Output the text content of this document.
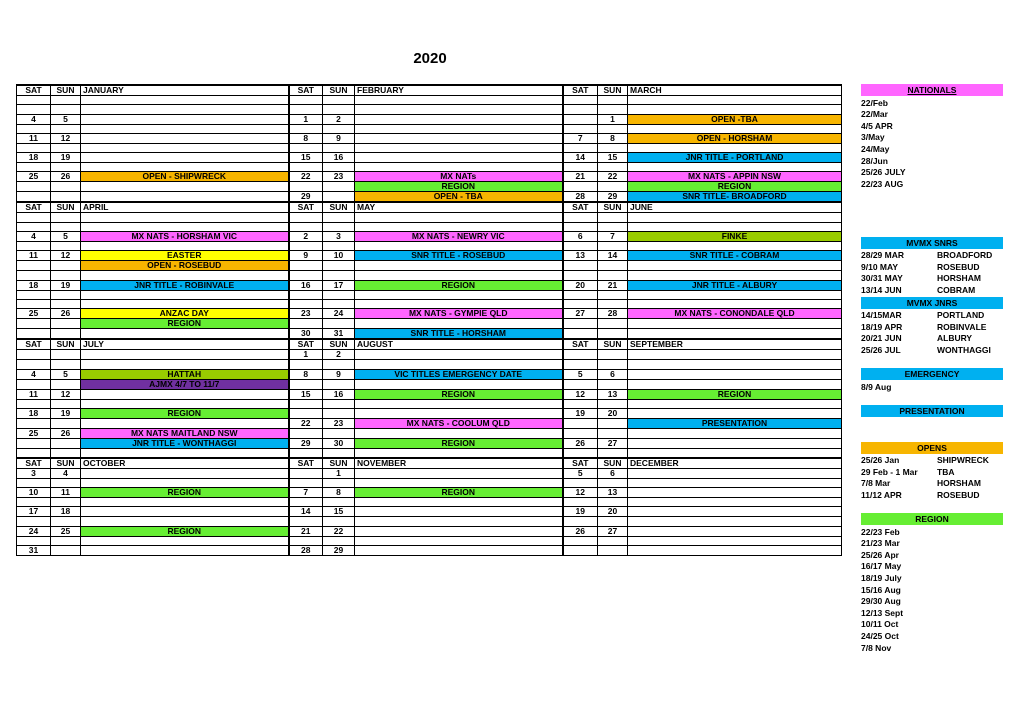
2020
SAT	SUN	JANUARY	SAT	SUN	FEBRUARY	SAT	SUN	MARCH

4	5		1	2			1	OPEN -TBA

11	12		8	9		7	8	OPEN - HORSHAM

18	19		15	16		14	15	JNR TITLE - PORTLAND

25	26	OPEN - SHIPWRECK	22	23	MX NATs	21	22	MX NATS - APPIN NSW
					REGION			REGION
			29		OPEN - TBA	28	29	SNR TITLE- BROADFORD
SAT	SUN	APRIL	SAT	SUN	MAY	SAT	SUN	JUNE

4	5	MX NATS - HORSHAM VIC	2	3	MX NATS - NEWRY VIC	6	7	FINKE

11	12	EASTER	9	10	SNR TITLE - ROSEBUD	13	14	SNR TITLE - COBRAM
		OPEN - ROSEBUD						

18	19	JNR TITLE - ROBINVALE	16	17	REGION	20	21	JNR TITLE - ALBURY

25	26	ANZAC DAY	23	24	MX NATS - GYMPIE QLD	27	28	MX NATS - CONONDALE QLD
		REGION						
			30	31	SNR TITLE - HORSHAM			
SAT	SUN	JULY	SAT	SUN	AUGUST	SAT	SUN	SEPTEMBER
			1	2				

4	5	HATTAH	8	9	VIC TITLES EMERGENCY DATE	5	6	
		AJMX 4/7 TO 11/7						
11	12		15	16	REGION	12	13	REGION

18	19	REGION				19	20	
			22	23	MX NATS - COOLUM QLD			PRESENTATION
25	26	MX NATS MAITLAND NSW						
		JNR TITLE - WONTHAGGI	29	30	REGION	26	27	

SAT	SUN	OCTOBER	SAT	SUN	NOVEMBER	SAT	SUN	DECEMBER
3	4			1		5	6	

10	11	REGION	7	8	REGION	12	13	

17	18		14	15		19	20	

24	25	REGION	21	22		26	27	

31			28	29				
NATIONALS
22/Feb
22/Mar
4/5 APR
3/May
24/May
28/Jun
25/26 JULY
22/23 AUG
MVMX SNRS
28/29 MAR	BROADFORD
9/10 MAY	ROSEBUD
30/31 MAY	HORSHAM
13/14 JUN	COBRAM
MVMX JNRS
14/15MAR	PORTLAND
18/19 APR	ROBINVALE
20/21 JUN	ALBURY
25/26 JUL	WONTHAGGI
EMERGENCY
8/9 Aug
PRESENTATION
OPENS
25/26 Jan	SHIPWRECK
29 Feb - 1 Mar TBA
7/8 Mar	HORSHAM
11/12 APR	ROSEBUD
REGION
22/23 Feb
21/23 Mar
25/26 Apr
16/17 May
18/19 July
15/16 Aug
29/30 Aug
12/13 Sept
10/11 Oct
24/25 Oct
7/8 Nov
